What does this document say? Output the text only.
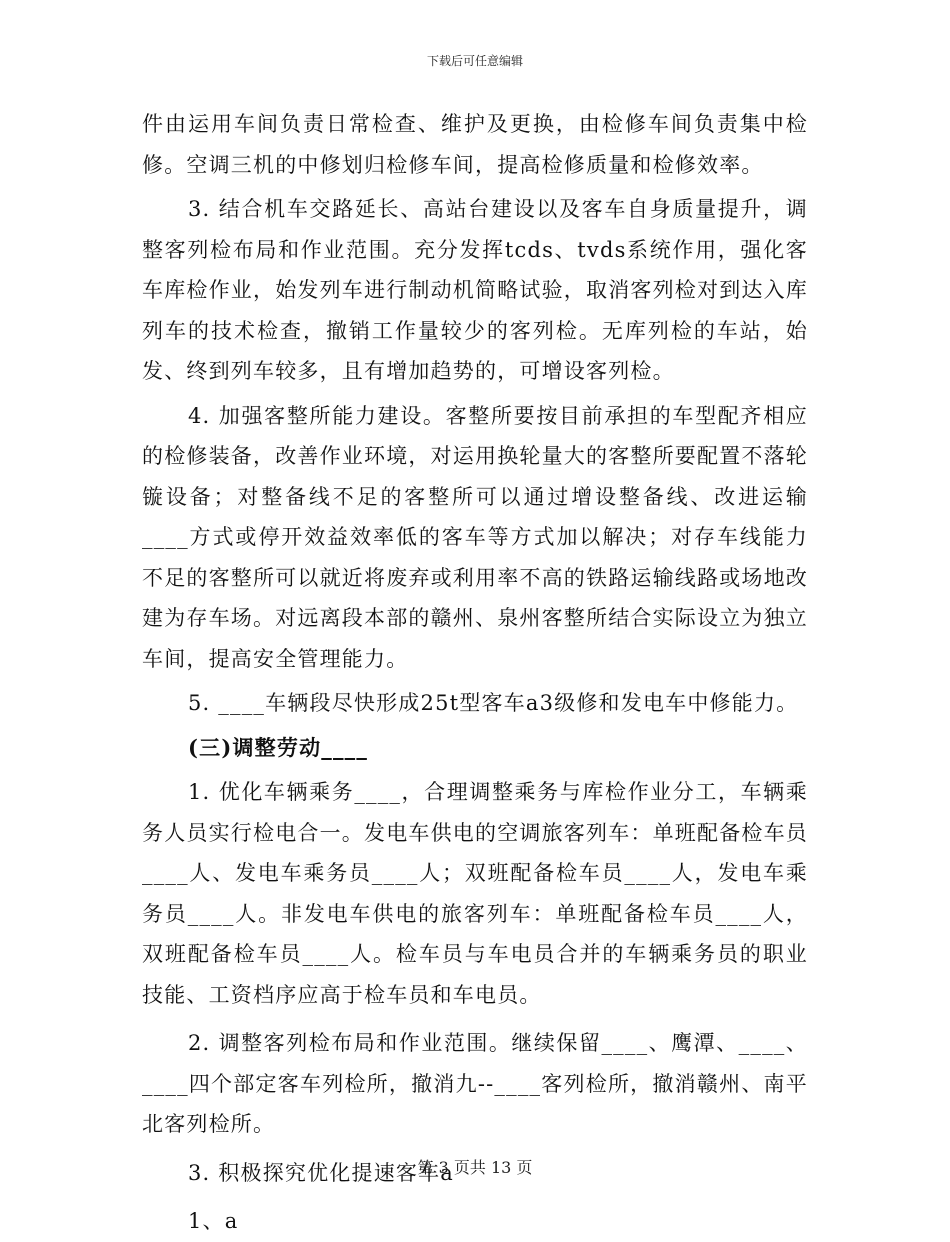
下载后可任意编辑

件由运用车间负责日常检查、维护及更换，由检修车间负责集中检修。空调三机的中修划归检修车间，提高检修质量和检修效率。

3. 结合机车交路延长、高站台建设以及客车自身质量提升，调整客列检布局和作业范围。充分发挥tcds、tvds系统作用，强化客车库检作业，始发列车进行制动机简略试验，取消客列检对到达入库列车的技术检查，撤销工作量较少的客列检。无库列检的车站，始发、终到列车较多，且有增加趋势的，可增设客列检。

4. 加强客整所能力建设。客整所要按目前承担的车型配齐相应的检修装备，改善作业环境，对运用换轮量大的客整所要配置不落轮镟设备；对整备线不足的客整所可以通过增设整备线、改进运输____方式或停开效益效率低的客车等方式加以解决；对存车线能力不足的客整所可以就近将废弃或利用率不高的铁路运输线路或场地改建为存车场。对远离段本部的赣州、泉州客整所结合实际设立为独立车间，提高安全管理能力。

5. ____车辆段尽快形成25t型客车a3级修和发电车中修能力。

(三)调整劳动____

1. 优化车辆乘务____，合理调整乘务与库检作业分工，车辆乘务人员实行检电合一。发电车供电的空调旅客列车：单班配备检车员____人、发电车乘务员____人；双班配备检车员____人，发电车乘务员____人。非发电车供电的旅客列车：单班配备检车员____人，双班配备检车员____人。检车员与车电员合并的车辆乘务员的职业技能、工资档序应高于检车员和车电员。

2. 调整客列检布局和作业范围。继续保留____、鹰潭、____、____四个部定客车列检所，撤消九--____客列检所，撤消赣州、南平北客列检所。

3. 积极探究优化提速客车a

1、a

第 3 页共 13 页
